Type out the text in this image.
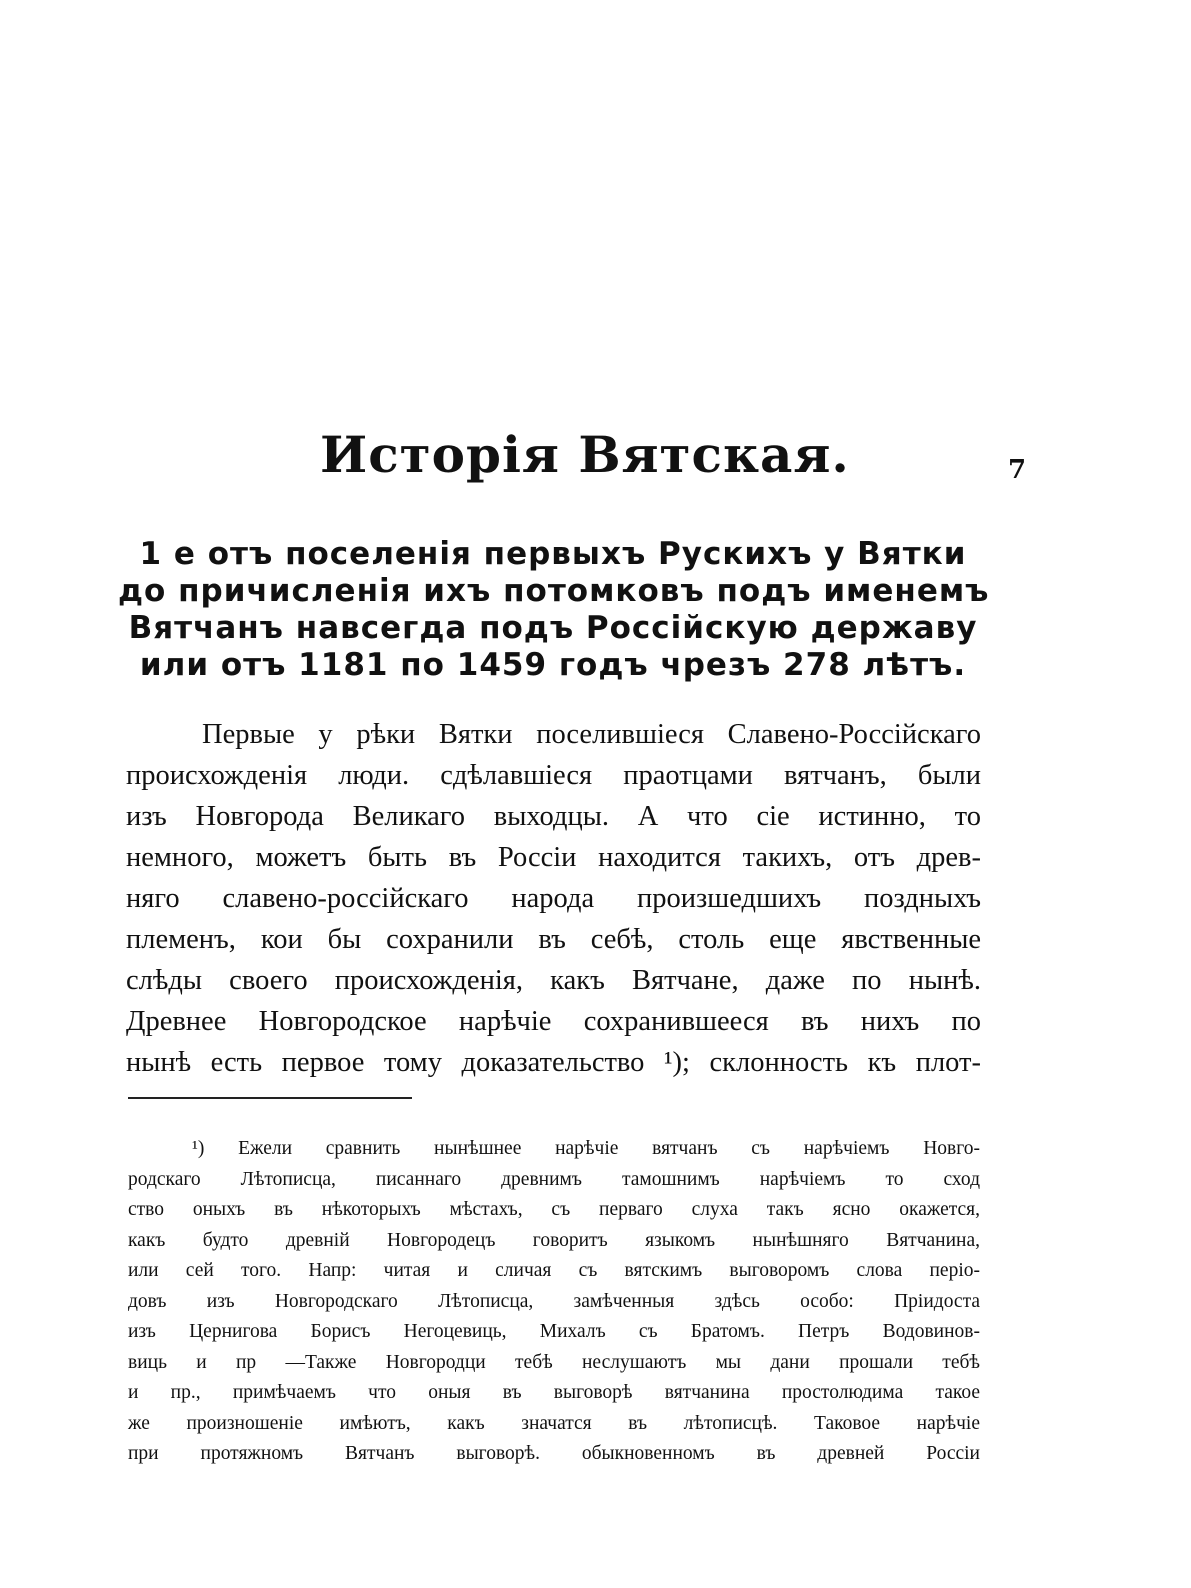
Исторія Вятская.	7
1 е отъ поселенія первыхъ Рускихъ у Вятки
до причисленія ихъ потомковъ подъ именемъ
Вятчанъ навсегда подъ Россійскую державу
или отъ 1181 по 1459 годъ чрезъ 278 лѣтъ.
Первые у рѣки Вятки поселившіеся Славено-Россійскаго
происхожденія люди. сдѣлавшіеся праотцами вятчанъ, были
изъ Новгорода Великаго выходцы. А что сіе истинно, то
немного, можетъ быть въ Россіи находится такихъ, отъ древ-
няго славено-россійскаго народа произшедшихъ поздныхъ
племенъ, кои бы сохранили въ себѣ, столь еще явственные
слѣды своего происхожденія, какъ Вятчане, даже по нынѣ.
Древнее Новгородское нарѣчіе сохранившееся въ нихъ по
нынѣ есть первое тому доказательство ¹); склонность къ плот-
¹) Ежели сравнить нынѣшнее нарѣчіе вятчанъ съ нарѣчіемъ Новго-
родскаго Лѣтописца, писаннаго древнимъ тамошнимъ нарѣчіемъ то сход
ство оныхъ въ нѣкоторыхъ мѣстахъ, съ перваго слуха такъ ясно окажется,
какъ будто древній Новгородецъ говоритъ языкомъ нынѣшняго Вятчанина,
или сей того. Напр: читая и сличая съ вятскимъ выговоромъ слова періо-
довъ изъ Новгородскаго Лѣтописца, замѣченныя здѣсь особо: Пріидоста
изъ Цернигова Борисъ Негоцевиць, Михалъ съ Братомъ. Петръ Водовинов-
виць и пр —Также Новгородци тебѣ неслушаютъ мы дани прошали тебѣ
и пр., примѣчаемъ что оныя въ выговорѣ вятчанина простолюдима такое
же произношеніе имѣютъ, какъ значатся въ лѣтописцѣ. Таковое нарѣчіе
при протяжномъ Вятчанъ выговорѣ. обыкновенномъ въ древней Россіи
